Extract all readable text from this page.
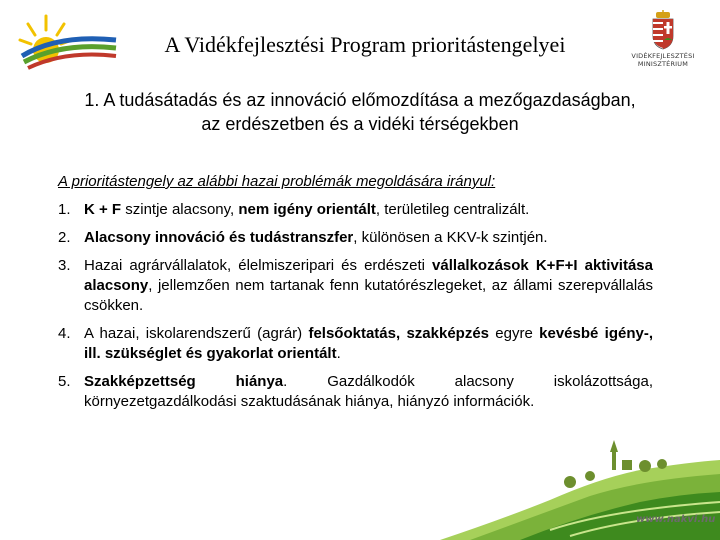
A Vidékfejlesztési Program prioritástengelyei	VIDÉKFEJLESZTÉSI
MINISZTÉRIUM
1. A tudásátadás és az innováció előmozdítása a mezőgazdaságban,
az erdészetben és a vidéki térségekben
A prioritástengely az alábbi hazai problémák megoldására irányul:

1. K + F szintje alacsony, nem igény orientált, területileg centralizált.

2. Alacsony innováció és tudástranszfer, különösen a KKV-k szintjén.

3. Hazai agrárvállalatok, élelmiszeripari és erdészeti vállalkozások K+F+I aktivitása alacsony, jellemzően nem tartanak fenn kutatórészlegeket, az állami szerepvállalás csökken.

4. A hazai, iskolarendszerű (agrár) felsőoktatás, szakképzés egyre kevésbé igény-, ill. szükséglet és gyakorlat orientált.

5. Szakképzettség hiánya. Gazdálkodók alacsony iskolázottsága, környezetgazdálkodási szaktudásának hiánya, hiányzó információk.

www.nakvi.hu
